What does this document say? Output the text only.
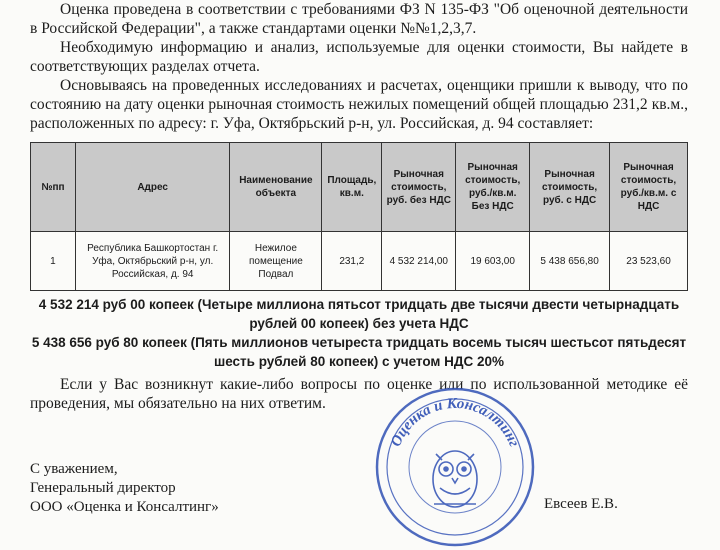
Оценка проведена в соответствии с требованиями ФЗ N 135-ФЗ "Об оценочной деятельности в Российской Федерации", а также стандартами оценки №№1,2,3,7.

Необходимую информацию и анализ, используемые для оценки стоимости, Вы найдете в соответствующих разделах отчета.

Основываясь на проведенных исследованиях и расчетах, оценщики пришли к выводу, что по состоянию на дату оценки рыночная стоимость нежилых помещений общей площадью 231,2 кв.м., расположенных по адресу: г. Уфа, Октябрьский р-н, ул. Российская, д. 94 составляет:

№пп	Адрес	Наименование объекта	Площадь, кв.м.	Рыночная стоимость, руб. без НДС	Рыночная стоимость, руб./кв.м. Без НДС	Рыночная стоимость, руб. с НДС	Рыночная стоимость, руб./кв.м. с НДС
1	Республика Башкортостан г. Уфа, Октябрьский р-н, ул. Российская, д. 94	Нежилое помещение Подвал	231,2	4 532 214,00	19 603,00	5 438 656,80	23 523,60
4 532 214 руб 00 копеек (Четыре миллиона пятьсот тридцать две тысячи двести четырнадцать рублей 00 копеек) без учета НДС
5 438 656 руб 80 копеек (Пять миллионов четыреста тридцать восемь тысяч шестьсот пятьдесят шесть рублей 80 копеек) с учетом НДС 20%

Если у Вас возникнут какие-либо вопросы по оценке или по использованной методике её проведения, мы обязательно на них ответим.

С уважением,
Генеральный директор
ООО «Оценка и Консалтинг»	Евсеев Е.В.
Оценка и Консалтинг
